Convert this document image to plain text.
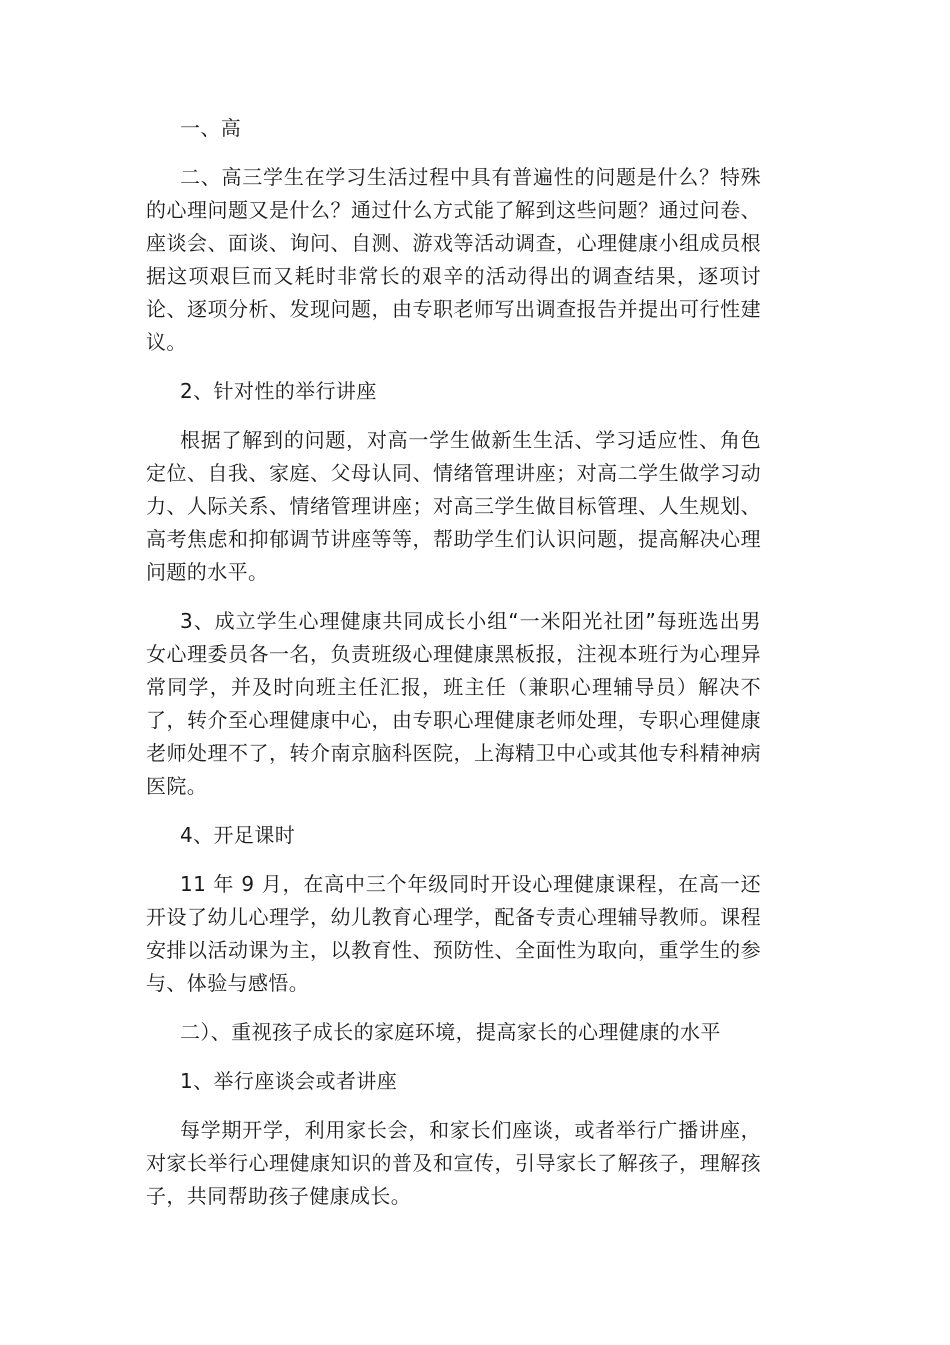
一、高

二、高三学生在学习生活过程中具有普遍性的问题是什么？特殊的心理问题又是什么？通过什么方式能了解到这些问题？通过问卷、座谈会、面谈、询问、自测、游戏等活动调查，心理健康小组成员根据这项艰巨而又耗时非常长的艰辛的活动得出的调查结果，逐项讨论、逐项分析、发现问题，由专职老师写出调查报告并提出可行性建议。

2、针对性的举行讲座

根据了解到的问题，对高一学生做新生生活、学习适应性、角色定位、自我、家庭、父母认同、情绪管理讲座；对高二学生做学习动力、人际关系、情绪管理讲座；对高三学生做目标管理、人生规划、高考焦虑和抑郁调节讲座等等，帮助学生们认识问题，提高解决心理问题的水平。

3、成立学生心理健康共同成长小组“一米阳光社团”每班选出男女心理委员各一名，负责班级心理健康黑板报，注视本班行为心理异常同学，并及时向班主任汇报，班主任（兼职心理辅导员）解决不了，转介至心理健康中心，由专职心理健康老师处理，专职心理健康老师处理不了，转介南京脑科医院，上海精卫中心或其他专科精神病医院。

4、开足课时

11 年 9 月，在高中三个年级同时开设心理健康课程，在高一还开设了幼儿心理学，幼儿教育心理学，配备专责心理辅导教师。课程安排以活动课为主，以教育性、预防性、全面性为取向，重学生的参与、体验与感悟。

二）、重视孩子成长的家庭环境，提高家长的心理健康的水平

1、举行座谈会或者讲座

每学期开学，利用家长会，和家长们座谈，或者举行广播讲座，对家长举行心理健康知识的普及和宣传，引导家长了解孩子，理解孩子，共同帮助孩子健康成长。
